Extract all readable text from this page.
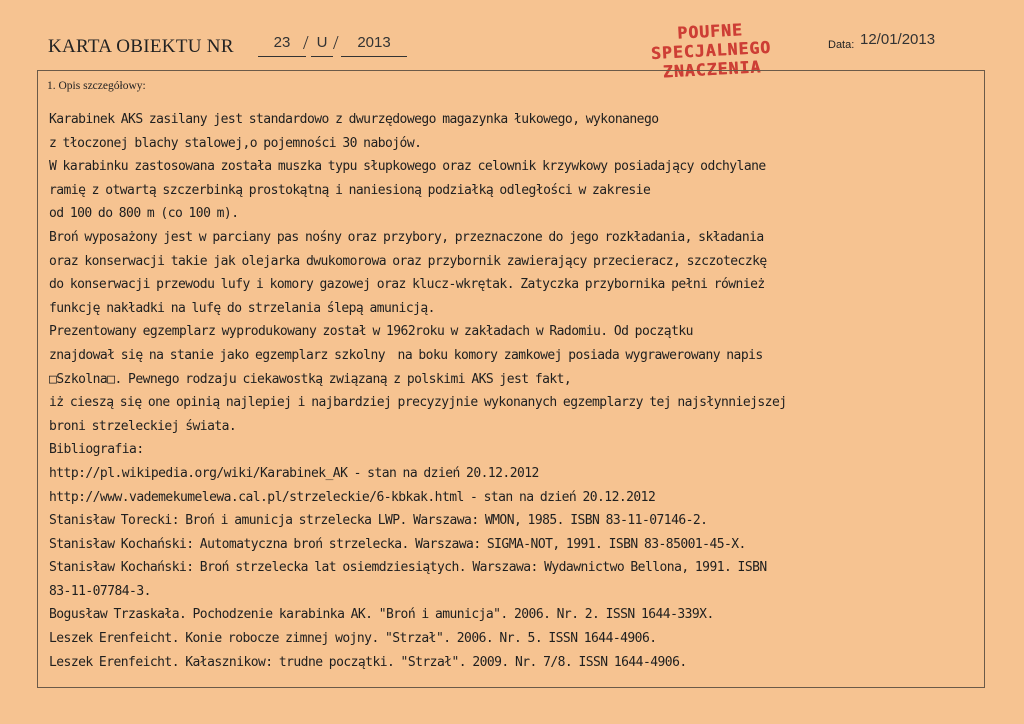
KARTA OBIEKTU NR	23 / U /	2013	POUFNE
SPECJALNEGO
ZNACZENIA
Data: 12/01/2013
1. Opis szczegółowy:
Karabinek AKS zasilany jest standardowo z dwurzędowego magazynka łukowego, wykonanego
z tłoczonej blachy stalowej,o pojemności 30 nabojów.
W karabinku zastosowana została muszka typu słupkowego oraz celownik krzywkowy posiadający odchylane
ramię z otwartą szczerbinką prostokątną i naniesioną podziałką odległości w zakresie
od 100 do 800 m (co 100 m).
Broń wyposażony jest w parciany pas nośny oraz przybory, przeznaczone do jego rozkładania, składania
oraz konserwacji takie jak olejarka dwukomorowa oraz przybornik zawierający przecieracz, szczoteczkę
do konserwacji przewodu lufy i komory gazowej oraz klucz-wkrętak. Zatyczka przybornika pełni również
funkcję nakładki na lufę do strzelania ślepą amunicją.
Prezentowany egzemplarz wyprodukowany został w 1962roku w zakładach w Radomiu. Od początku
znajdował się na stanie jako egzemplarz szkolny  na boku komory zamkowej posiada wygrawerowany napis
□Szkolna□. Pewnego rodzaju ciekawostką związaną z polskimi AKS jest fakt,
iż cieszą się one opinią najlepiej i najbardziej precyzyjnie wykonanych egzemplarzy tej najsłynniejszej
broni strzeleckiej świata.
Bibliografia:
http://pl.wikipedia.org/wiki/Karabinek_AK - stan na dzień 20.12.2012
http://www.vademekumelewa.cal.pl/strzeleckie/6-kbkak.html - stan na dzień 20.12.2012
Stanisław Torecki: Broń i amunicja strzelecka LWP. Warszawa: WMON, 1985. ISBN 83-11-07146-2.
Stanisław Kochański: Automatyczna broń strzelecka. Warszawa: SIGMA-NOT, 1991. ISBN 83-85001-45-X.
Stanisław Kochański: Broń strzelecka lat osiemdziesiątych. Warszawa: Wydawnictwo Bellona, 1991. ISBN
83-11-07784-3.
Bogusław Trzaskała. Pochodzenie karabinka AK. "Broń i amunicja". 2006. Nr. 2. ISSN 1644-339X.
Leszek Erenfeicht. Konie robocze zimnej wojny. "Strzał". 2006. Nr. 5. ISSN 1644-4906.
Leszek Erenfeicht. Kałasznikow: trudne początki. "Strzał". 2009. Nr. 7/8. ISSN 1644-4906.
